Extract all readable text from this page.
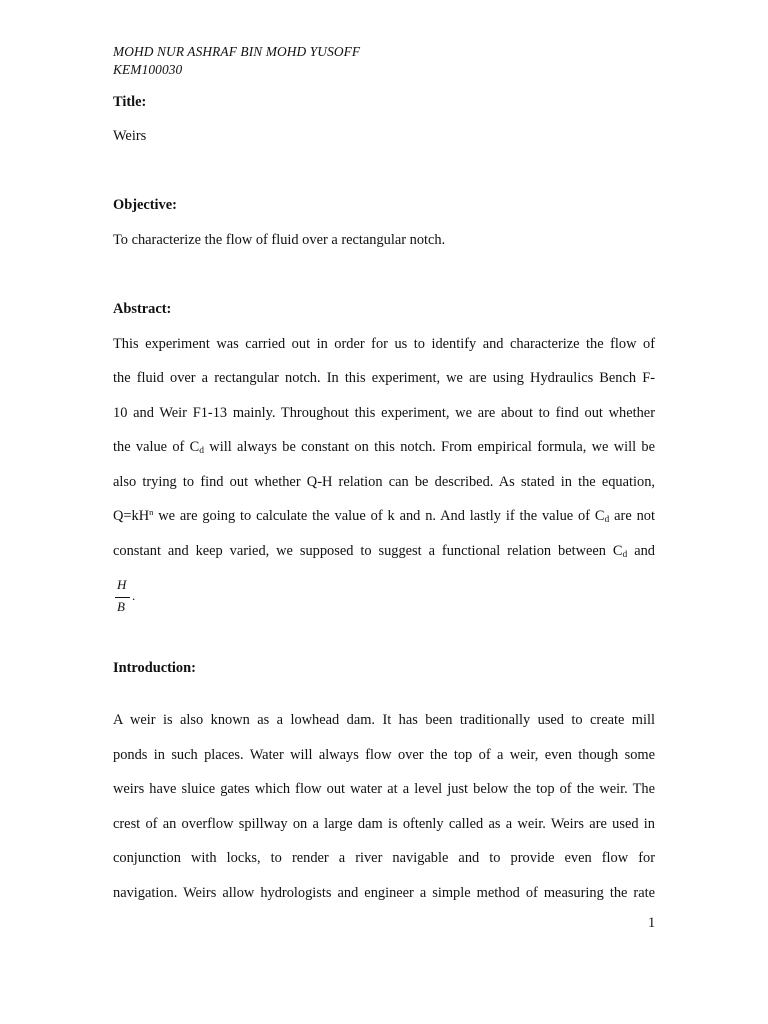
MOHD NUR ASHRAF BIN MOHD YUSOFF
KEM100030
Title:
Weirs
Objective:
To characterize the flow of fluid over a rectangular notch.
Abstract:
This experiment was carried out in order for us to identify and characterize the flow of
the fluid over a rectangular notch. In this experiment, we are using Hydraulics Bench F-
10 and Weir F1-13 mainly. Throughout this experiment, we are about to find out whether
the value of $C_d$ will always be constant on this notch. From empirical formula, we will be
also trying to find out whether Q-H relation can be described. As stated in the equation,
$Q=kH^n$ we are going to calculate the value of k and n. And lastly if the value of $C_d$ are not
constant and keep varied, we supposed to suggest a functional relation between $C_d$ and
H
B
.
Introduction:
A weir is also known as a lowhead dam. It has been traditionally used to create mill
ponds in such places. Water will always flow over the top of a weir, even though some
weirs have sluice gates which flow out water at a level just below the top of the weir. The
crest of an overflow spillway on a large dam is oftenly called as a weir. Weirs are used in
conjunction with locks, to render a river navigable and to provide even flow for
navigation. Weirs allow hydrologists and engineer a simple method of measuring the rate
1
